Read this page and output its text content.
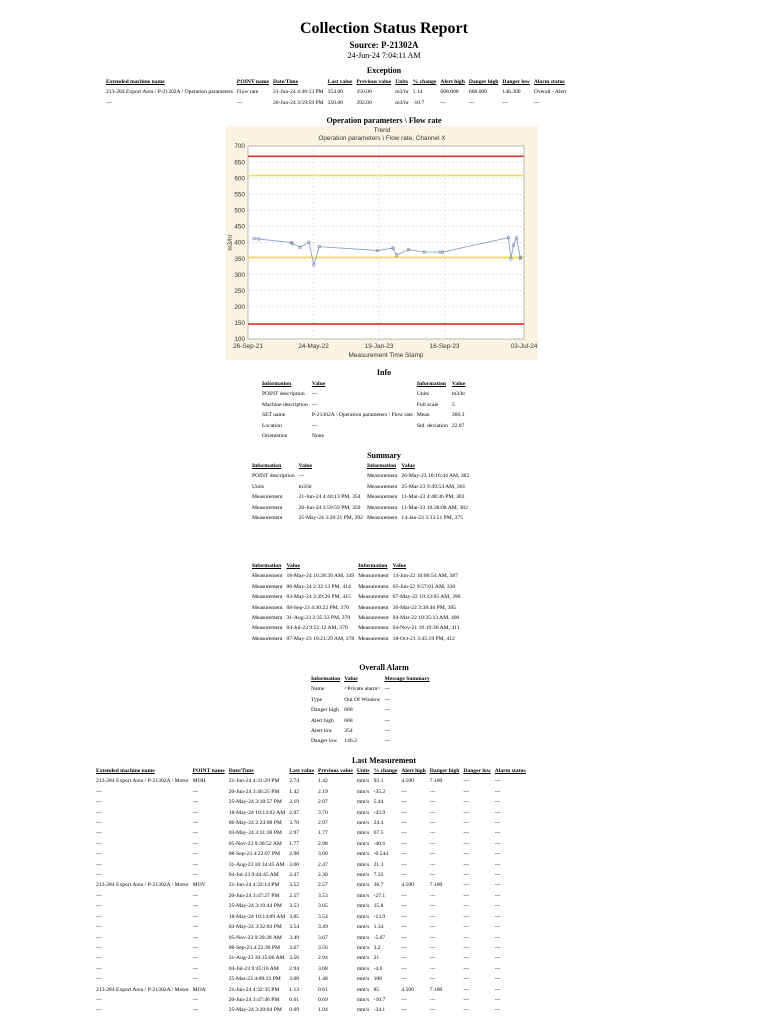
Collection Status Report
Source: P-21302A
24-Jun-24 7:04:11 AM
Exception
Extended machine name	POINT name	Date/Time	Last value	Previous value	Units	% change	Alert high	Danger high	Danger low	Alarm status
213-284 Export Area / P-21302A / Operation parameters	Flow rate	21-Jun-24 4:40:13 PM	354.00	350.00	m3/hr	1.14	608.000	668.000	146.300	Overall - Alert
---	---	20-Jun-24 3:59:59 PM	350.00	392.00	m3/hr	-10.7	---	---	---	---
Operation parameters \ Flow rate
Trend
Operation parameters \ Flow rate, Channel X
100
150
200
250
300
350
400
450
500
550
600
650
700
26-Sep-21	24-May-22	19-Jan-23	16-Sep-23	03-Jul-24
Measurement Time Stamp
m3/hr
Info
Information	Value	Information	Value
POINT description	---	Units	m3/hr
Machine description	---	Full scale	5
SET name	P-21302A \ Operation parameters \ Flow rate	Mean	380.3
Location	---	Std. deviation	22.87
Orientation	None		
Summary
Information	Value	Information	Value
POINT description	---	Measurement	26-May-23 10:16:44 AM, 382
Units	m3/hr	Measurement	25-Mar-23 9:49:54 AM, 361
Measurement	21-Jun-24 4:40:13 PM, 354	Measurement	11-Mar-23 4:48:36 PM, 383
Measurement	20-Jun-24 3:59:59 PM, 350	Measurement	11-Mar-23 10:38:08 AM, 382
Measurement	25-May-24 3:28:21 PM, 392	Measurement	14-Jan-23 3:33:51 PM, 375
Information	Value	Information	Value
Measurement	18-May-24 10:28:39 AM, 349	Measurement	14-Jun-22 10:00:54 AM, 387
Measurement	06-May-24 2:32:13 PM, 414	Measurement	05-Jun-22 9:57:01 AM, 330
Measurement	03-May-24 3:39:26 PM, 415	Measurement	07-May-22 10:23:05 AM, 396
Measurement	08-Sep-23 4:30:22 PM, 370	Measurement	30-Mar-22 3:38:46 PM, 385
Measurement	31-Aug-23 2:35:33 PM, 370	Measurement	04-Mar-22 10:35:13 AM, 400
Measurement	04-Jul-23 9:51:12 AM, 370	Measurement	04-Nov-21 10:19:36 AM, 411
Measurement	07-May-23 10:21:29 AM, 378	Measurement	18-Oct-21 3:45:19 PM, 412
Overall Alarm
Information	Value	Message Summary
Name	<Private alarm>	---
Type	Out Of Window	---
Danger high	668	---
Alert high	608	---
Alert low	354	---
Danger low	146.3	---
Last Measurement
Extended machine name	POINT name	Date/Time	Last value	Previous value	Units	% change	Alert high	Danger high	Danger low	Alarm status
213-284 Export Area / P-21302A / Motor	MOH	21-Jun-24 4:31:29 PM	2.74	1.42	mm/s	93.1	4.500	7.100	---	---
---	---	20-Jun-24 3:46:25 PM	1.42	2.19	mm/s	-35.2	---	---	---	---
---	---	25-May-24 3:18:57 PM	2.19	2.07	mm/s	5.44	---	---	---	---
---	---	18-May-24 10:13:02 AM	2.07	3.70	mm/s	-43.9	---	---	---	---
---	---	06-May-24 2:24:08 PM	3.70	2.97	mm/s	24.4	---	---	---	---
---	---	03-May-24 3:31:38 PM	2.97	1.77	mm/s	67.5	---	---	---	---
---	---	05-Nov-23 9:36:52 AM	1.77	2.98	mm/s	-40.6	---	---	---	---
---	---	08-Sep-23 4:22:07 PM	2.98	3.00	mm/s	-0.544	---	---	---	---
---	---	31-Aug-23 10:34:45 AM	3.00	2.47	mm/s	21.3	---	---	---	---
---	---	04-Jul-23 9:44:45 AM	2.47	2.30	mm/s	7.32	---	---	---	---
213-284 Export Area / P-21302A / Motor	MOV	21-Jun-24 4:32:14 PM	3.52	2.57	mm/s	36.7	4.500	7.100	---	---
---	---	20-Jun-24 3:47:27 PM	2.57	3.53	mm/s	-27.1	---	---	---	---
---	---	25-May-24 3:19:44 PM	3.53	3.05	mm/s	15.8	---	---	---	---
---	---	18-May-24 10:14:09 AM	3.05	3.54	mm/s	-13.9	---	---	---	---
---	---	03-May-24 3:32:03 PM	3.54	3.49	mm/s	1.34	---	---	---	---
---	---	05-Nov-23 9:39:28 AM	3.49	3.67	mm/s	-5.07	---	---	---	---
---	---	08-Sep-23 4:22:30 PM	3.67	3.56	mm/s	3.2	---	---	---	---
---	---	31-Aug-23 10:35:06 AM	3.56	2.94	mm/s	21	---	---	---	---
---	---	04-Jul-23 9:45:18 AM	2.94	3.08	mm/s	-4.6	---	---	---	---
---	---	25-Mar-23 4:08:23 PM	3.08	1.48	mm/s	108	---	---	---	---
213-284 Export Area / P-21302A / Motor	MOA	21-Jun-24 4:32:35 PM	1.13	0.61	mm/s	85	4.500	7.100	---	---
---	---	20-Jun-24 3:47:46 PM	0.61	0.69	mm/s	-10.7	---	---	---	---
---	---	25-May-24 3:20:04 PM	0.69	1.04	mm/s	-34.1	---	---	---	---
